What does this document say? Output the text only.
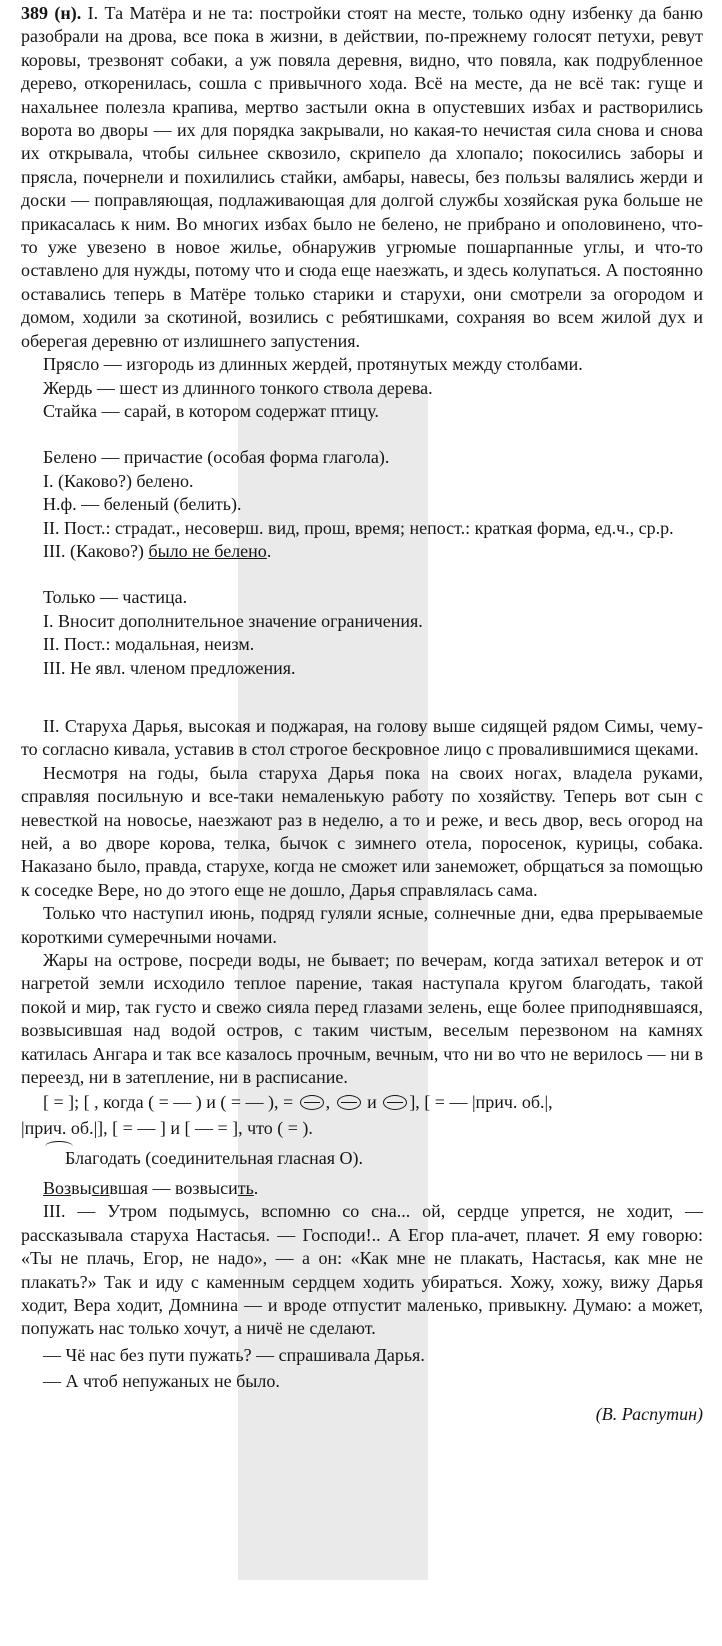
389 (н). I. Та Матёра и не та: постройки стоят на месте, только одну избенку да баню разобрали на дрова, все пока в жизни, в действии, по-прежнему голосят петухи, ревут коровы, трезвонят собаки, а уж повяла деревня, видно, что повяла, как подрубленное дерево, откоренилась, сошла с привычного хода. Всё на месте, да не всё так: гуще и нахальнее полезла крапива, мертво застыли окна в опустевших избах и растворились ворота во дворы — их для порядка закрывали, но какая-то нечистая сила снова и снова их открывала, чтобы сильнее сквозило, скрипело да хлопало; покосились заборы и прясла, почернели и похилились стайки, амбары, навесы, без пользы валялись жерди и доски — поправляющая, подлаживающая для долгой службы хозяйская рука больше не прикасалась к ним. Во многих избах было не белено, не прибрано и ополовинено, что-то уже увезено в новое жилье, обнаружив угрюмые пошарпанные углы, и что-то оставлено для нужды, потому что и сюда еще наезжать, и здесь колупаться. А постоянно оставались теперь в Матёре только старики и старухи, они смотрели за огородом и домом, ходили за скотиной, возились с ребятишками, сохраняя во всем жилой дух и оберегая деревню от излишнего запустения.

Прясло — изгородь из длинных жердей, протянутых между столбами.

Жердь — шест из длинного тонкого ствола дерева.

Стайка — сарай, в котором содержат птицу.

Белено — причастие (особая форма глагола).

I. (Каково?) белено.

Н.ф. — беленый (белить).

II. Пост.: страдат., несоверш. вид, прош, время; непост.: краткая форма, ед.ч., ср.р.

III. (Каково?) было не белено.

Только — частица.

I. Вносит дополнительное значение ограничения.

II. Пост.: модальная, неизм.

III. Не явл. членом предложения.

II. Старуха Дарья, высокая и поджарая, на голову выше сидящей рядом Симы, чему-то согласно кивала, уставив в стол строгое бескровное лицо с провалившимися щеками.

Несмотря на годы, была старуха Дарья пока на своих ногах, владела руками, справляя посильную и все-таки немаленькую работу по хозяйству. Теперь вот сын с невесткой на новосье, наезжают раз в неделю, а то и реже, и весь двор, весь огород на ней, а во дворе корова, телка, бычок с зимнего отела, поросенок, курицы, собака. Наказано было, правда, старухе, когда не сможет или занеможет, обрщаться за помощью к соседке Вере, но до этого еще не дошло, Дарья справлялась сама.

Только что наступил июнь, подряд гуляли ясные, солнечные дни, едва прерываемые короткими сумеречными ночами.

Жары на острове, посреди воды, не бывает; по вечерам, когда затихал ветерок и от нагретой земли исходило теплое парение, такая наступала кругом благодать, такой покой и мир, так густо и свежо сияла перед глазами зелень, еще более приподнявшаяся, возвысившая над водой остров, с таким чистым, веселым перезвоном на камнях катилась Ангара и так все казалось прочным, вечным, что ни во что не верилось — ни в переезд, ни в затепление, ни в расписание.

[ = ]; [ , когда ( = — ) и ( = — ), = , и ], [ = — |прич. об.|,
|прич. об.|], [ = — ] и [ — = ], что ( = ).

Благодать (соединительная гласная О).

Возвысившая — возвысить.

III. — Утром подымусь, вспомню со сна... ой, сердце упрется, не ходит, — рассказывала старуха Настасья. — Господи!.. А Егор пла-ачет, плачет. Я ему говорю: «Ты не плачь, Егор, не надо», — а он: «Как мне не плакать, Настасья, как мне не плакать?» Так и иду с каменным сердцем ходить убираться. Хожу, хожу, вижу Дарья ходит, Вера ходит, Домнина — и вроде отпустит маленько, привыкну. Думаю: а может, попужать нас только хочут, а ничё не сделают.

— Чё нас без пути пужать? — спрашивала Дарья.

— А чтоб непужаных не было.

(В. Распутин)
